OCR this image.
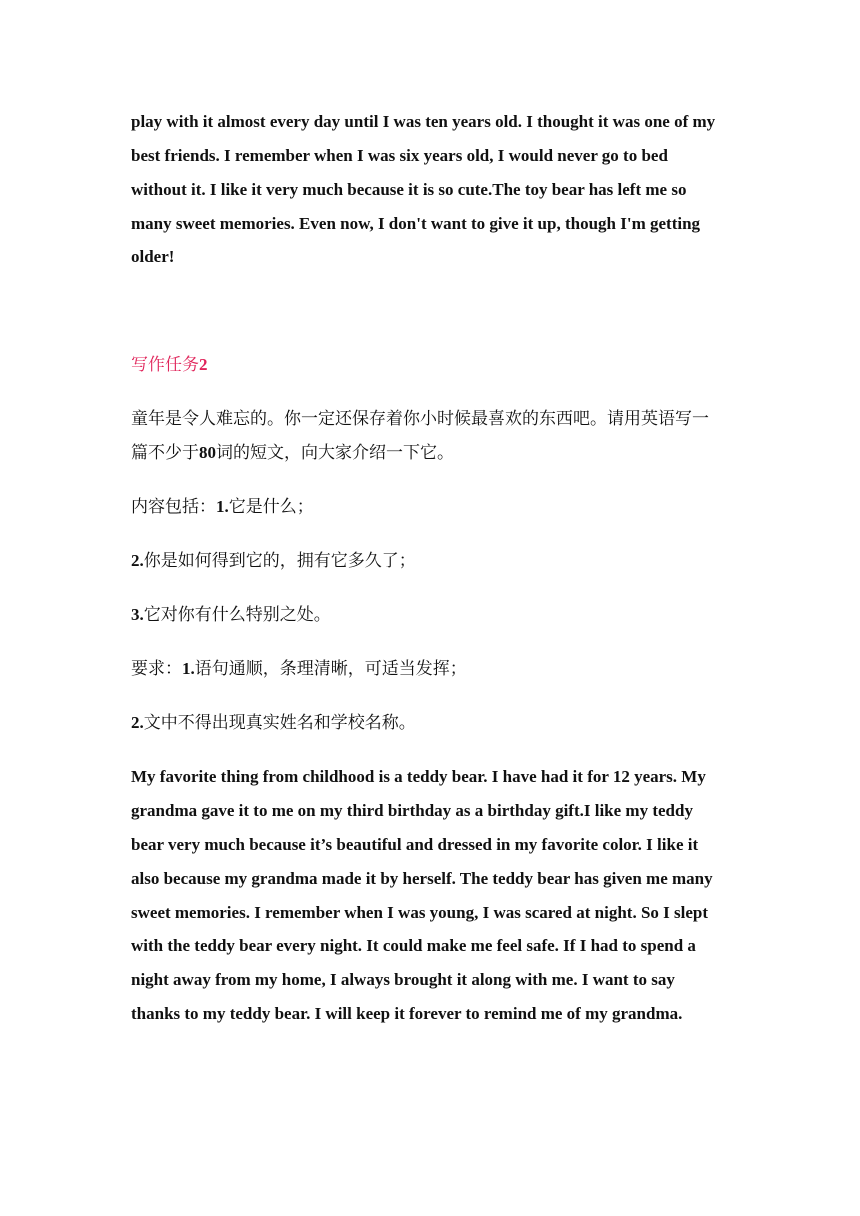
play with it almost every day until I was ten years old. I thought it was one of my
best friends. I remember when I was six years old, I would never go to bed
without it. I like it very much because it is so cute.The toy bear has left me so
many sweet memories. Even now, I don't want to give it up, though I'm getting
older!
写作任务2
童年是令人难忘的。你一定还保存着你小时候最喜欢的东西吧。请用英语写一
篇不少于80词的短文，向大家介绍一下它。
内容包括：1.它是什么；
2.你是如何得到它的，拥有它多久了；
3.它对你有什么特别之处。
要求：1.语句通顺，条理清晰，可适当发挥；
2.文中不得出现真实姓名和学校名称。
My favorite thing from childhood is a teddy bear. I have had it for 12 years. My
grandma gave it to me on my third birthday as a birthday gift.I like my teddy
bear very much because it’s beautiful and dressed in my favorite color. I like it
also because my grandma made it by herself. The teddy bear has given me many
sweet memories. I remember when I was young, I was scared at night. So I slept
with the teddy bear every night. It could make me feel safe. If I had to spend a
night away from my home, I always brought it along with me. I want to say
thanks to my teddy bear. I will keep it forever to remind me of my grandma.
